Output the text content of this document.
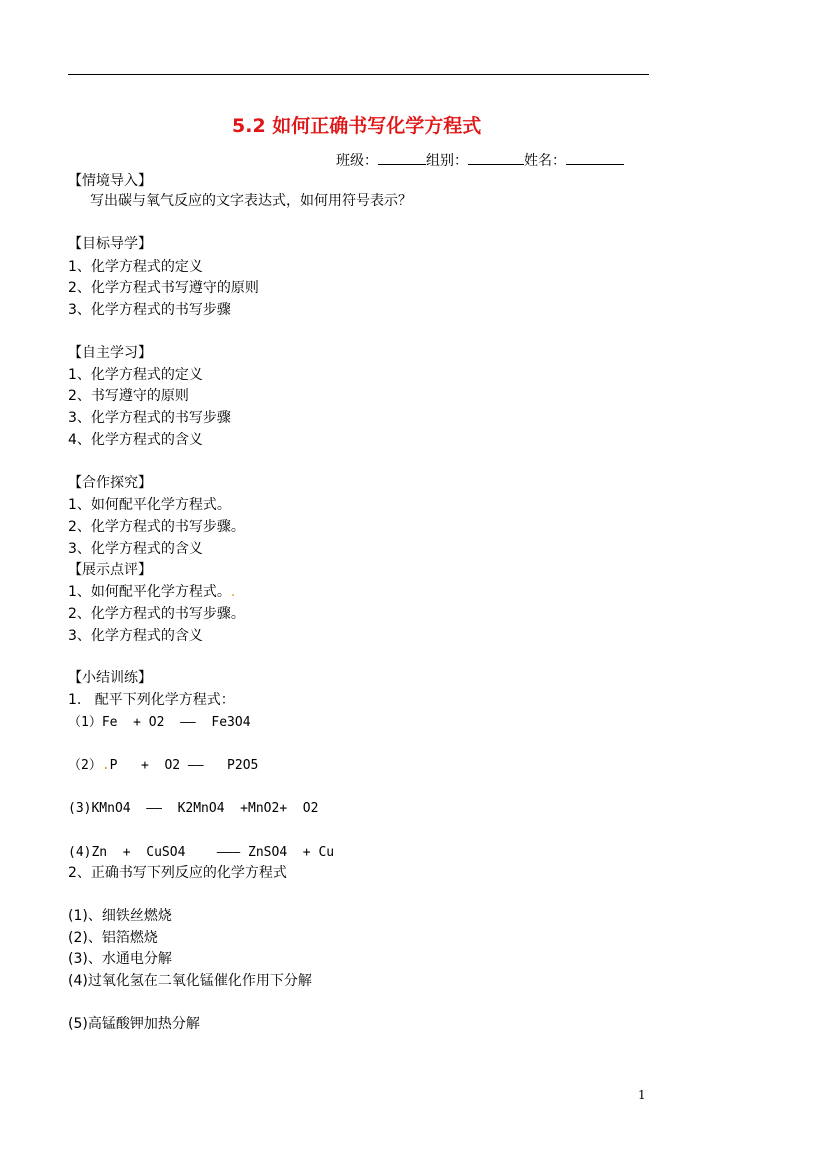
5.2 如何正确书写化学方程式
班级：	组别：	姓名：
【情境导入】
写出碳与氧气反应的文字表达式，如何用符号表示？
【目标导学】
1、化学方程式的定义
2、化学方程式书写遵守的原则
3、化学方程式的书写步骤
【自主学习】
1、化学方程式的定义
2、书写遵守的原则
3、化学方程式的书写步骤
4、化学方程式的含义
【合作探究】
1、如何配平化学方程式。
2、化学方程式的书写步骤。
3、化学方程式的含义
【展示点评】
1、如何配平化学方程式。.
2、化学方程式的书写步骤。
3、化学方程式的含义
【小结训练】
1.   配平下列化学方程式：
（1）Fe  + O2  ——  Fe3O4
（2）.P   +  O2 ——   P2O5
(3)KMnO4  ——  K2MnO4  +MnO2+  O2
(4)Zn  +  CuSO4    ——— ZnSO4  + Cu
2、正确书写下列反应的化学方程式
(1)、细铁丝燃烧
(2)、铝箔燃烧
(3)、水通电分解
(4)过氧化氢在二氧化锰催化作用下分解
(5)高锰酸钾加热分解
1
